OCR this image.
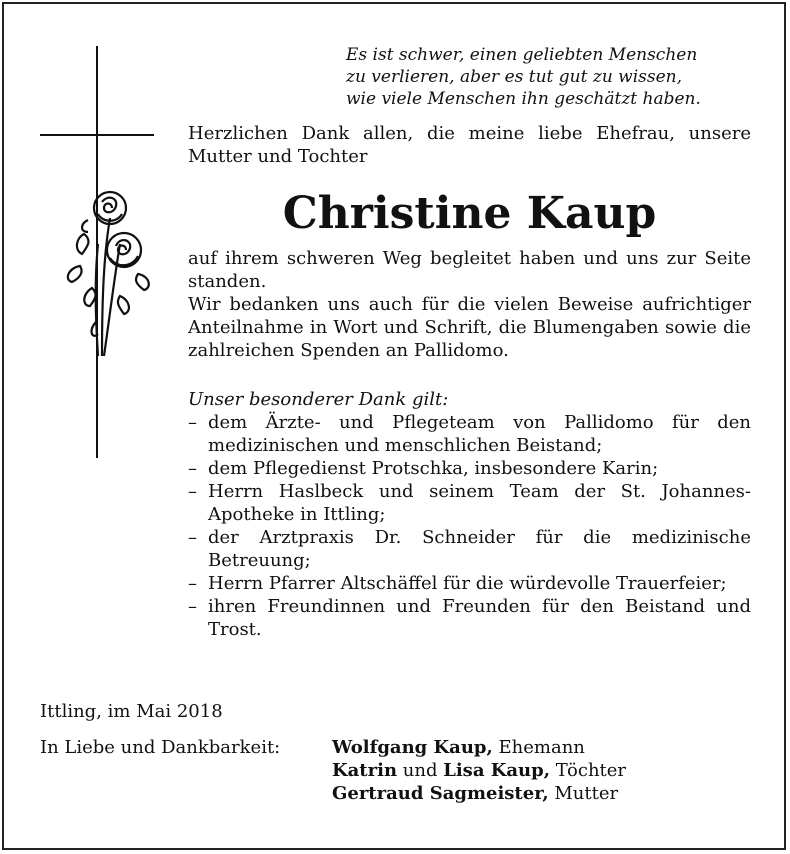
Es ist schwer, einen geliebten Menschen
zu verlieren, aber es tut gut zu wissen,
wie viele Menschen ihn geschätzt haben.
Herzlichen Dank allen, die meine liebe Ehefrau, unsere Mutter und Tochter
Christine Kaup
auf ihrem schweren Weg begleitet haben und uns zur Seite standen.
Wir bedanken uns auch für die vielen Beweise aufrichtiger Anteilnahme in Wort und Schrift, die Blumengaben sowie die zahlreichen Spenden an Pallidomo.
Unser besonderer Dank gilt:
– dem Ärzte- und Pflegeteam von Pallidomo für den medizinischen und menschlichen Beistand;
– dem Pflegedienst Protschka, insbesondere Karin;
– Herrn Haslbeck und seinem Team der St. Johannes-Apotheke in Ittling;
– der Arztpraxis Dr. Schneider für die medizinische Betreuung;
– Herrn Pfarrer Altschäffel für die würdevolle Trauerfeier;
– ihren Freundinnen und Freunden für den Beistand und Trost.
Ittling, im Mai 2018
In Liebe und Dankbarkeit:	Wolfgang Kaup, Ehemann
Katrin und Lisa Kaup, Töchter
Gertraud Sagmeister, Mutter
